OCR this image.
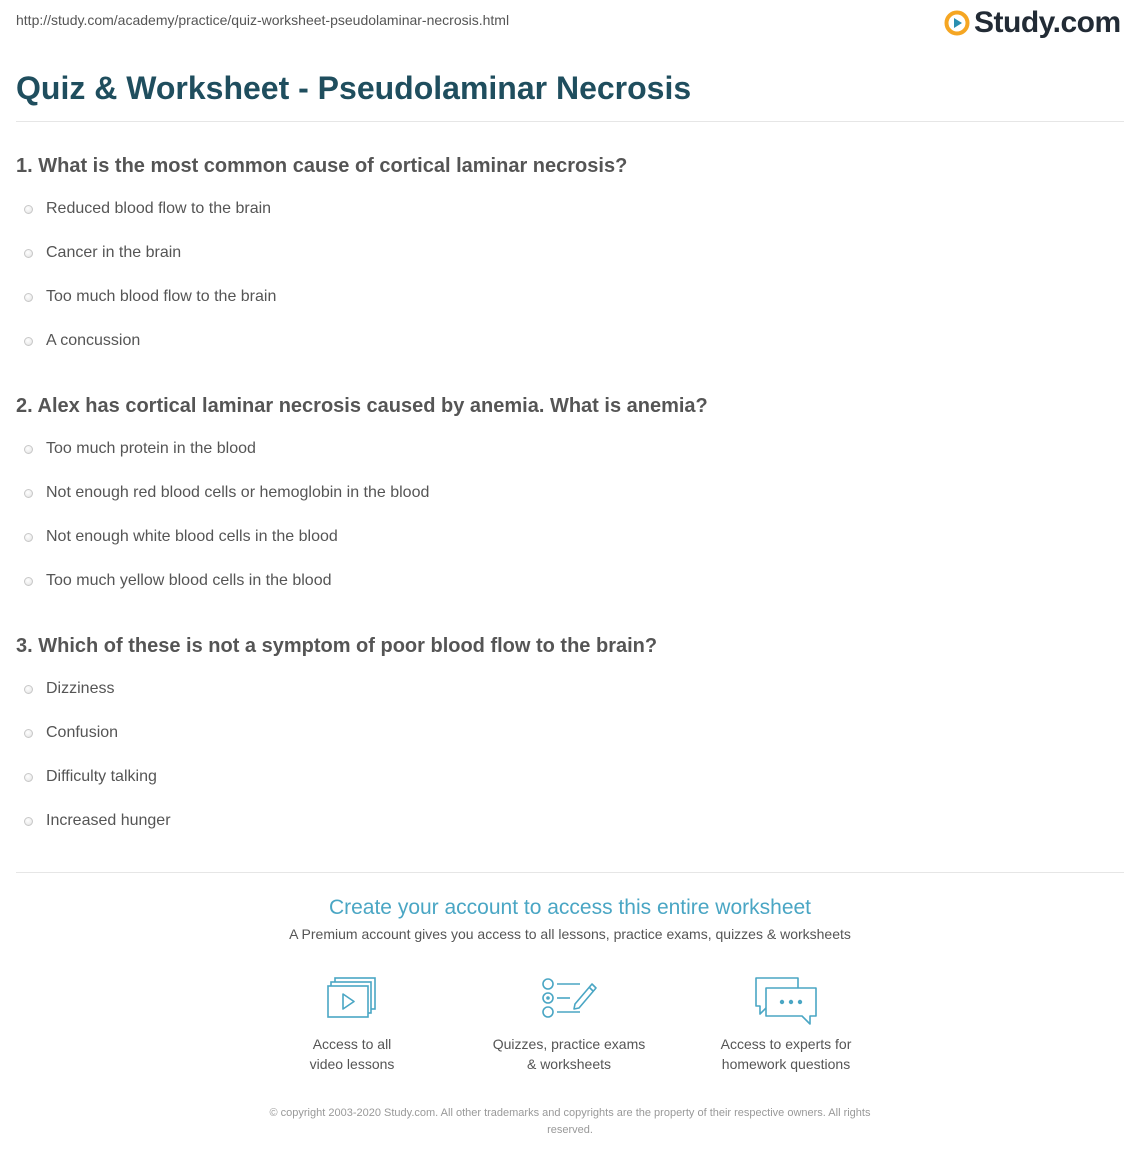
http://study.com/academy/practice/quiz-worksheet-pseudolaminar-necrosis.html	Study.com
Quiz & Worksheet - Pseudolaminar Necrosis
1. What is the most common cause of cortical laminar necrosis?
Reduced blood flow to the brain
Cancer in the brain
Too much blood flow to the brain
A concussion
2. Alex has cortical laminar necrosis caused by anemia. What is anemia?
Too much protein in the blood
Not enough red blood cells or hemoglobin in the blood
Not enough white blood cells in the blood
Too much yellow blood cells in the blood
3. Which of these is not a symptom of poor blood flow to the brain?
Dizziness
Confusion
Difficulty talking
Increased hunger
Create your account to access this entire worksheet
A Premium account gives you access to all lessons, practice exams, quizzes & worksheets
Access to all
video lessons
Quizzes, practice exams
& worksheets
Access to experts for
homework questions
© copyright 2003-2020 Study.com. All other trademarks and copyrights are the property of their respective owners. All rights
reserved.
